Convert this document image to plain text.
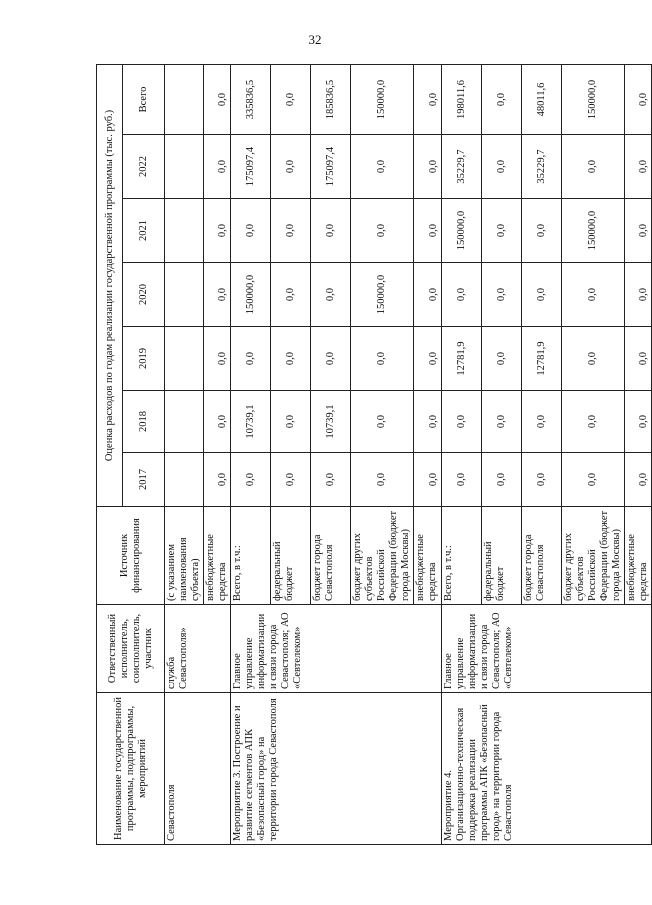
32
Наименование государственной программы, подпрограммы, мероприятий	Ответственный исполнитель, соисполнитель, участник	Источник финансирования	Оценка расходов по годам реализации государственной программы (тыс. руб.)						
			2017	2018	2019	2020	2021	2022	Всего
Севастополя	служба Севастополя»	(с указанием наименования субъекта)							
		внебюджетные средства	0,0	0,0	0,0	0,0	0,0	0,0	0,0
Мероприятие 3. Построение и развитие сегментов АПК «Безопасный город» на территории города Севастополя	Главное управление информатизации и связи города Севастополя; АО «Севтелеком»	Всего, в т.ч.:	0,0	10739,1	0,0	150000,0	0,0	175097,4	335836,5
		федеральный бюджет	0,0	0,0	0,0	0,0	0,0	0,0	0,0
		бюджет города Севастополя	0,0	10739,1	0,0	0,0	0,0	175097,4	185836,5
		бюджет других субъектов Российской Федерации (бюджет города Москвы)	0,0	0,0	0,0	150000,0	0,0	0,0	150000,0
		внебюджетные средства	0,0	0,0	0,0	0,0	0,0	0,0	0,0
Мероприятие 4. Организационно-техническая поддержка реализации программы АПК «Безопасный город» на территории города Севастополя	Главное управление информатизации и связи города Севастополя; АО «Севтелеком»	Всего, в т.ч.:	0,0	0,0	12781,9	0,0	150000,0	35229,7	198011,6
		федеральный бюджет	0,0	0,0	0,0	0,0	0,0	0,0	0,0
		бюджет города Севастополя	0,0	0,0	12781,9	0,0	0,0	35229,7	48011,6
		бюджет других субъектов Российской Федерации (бюджет города Москвы)	0,0	0,0	0,0	0,0	150000,0	0,0	150000,0
		внебюджетные средства	0,0	0,0	0,0	0,0	0,0	0,0	0,0
